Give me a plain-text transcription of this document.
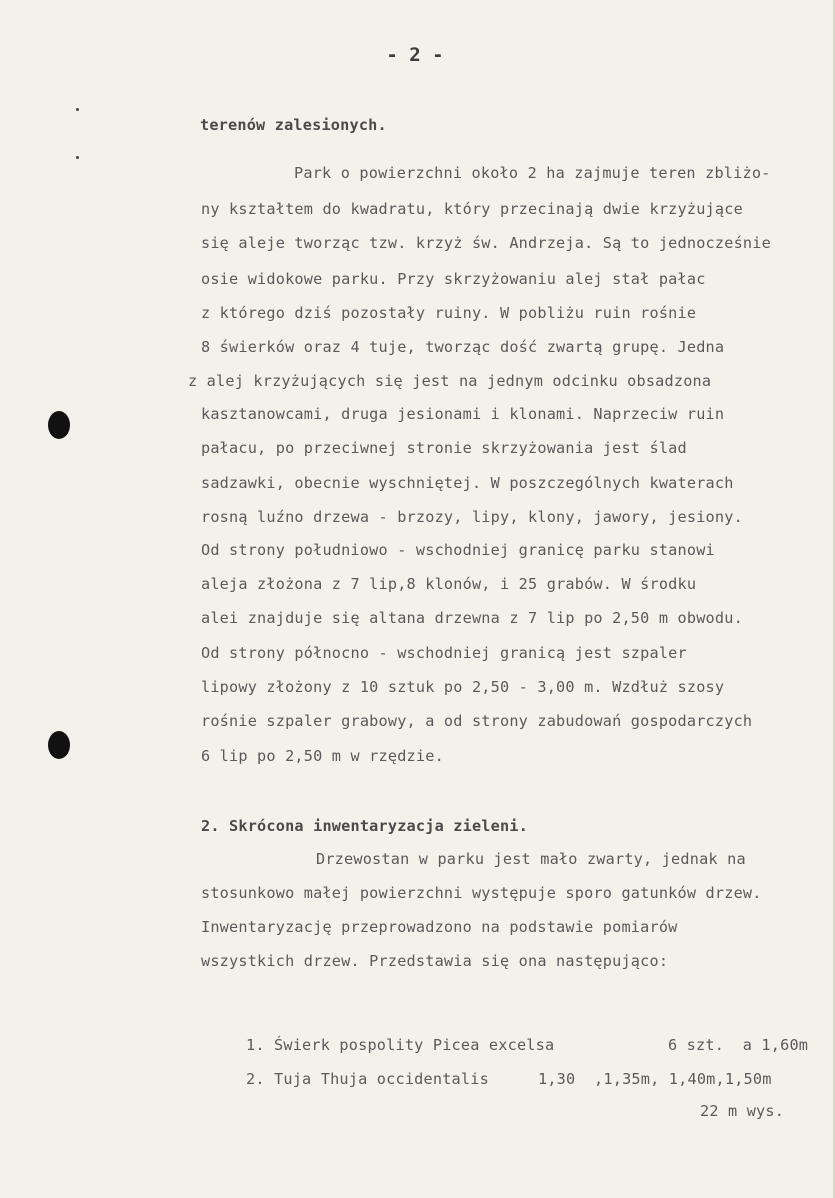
- 2 -
terenów zalesionych.
Park o powierzchni około 2 ha zajmuje teren zbliżo-
ny kształtem do kwadratu, który przecinają dwie krzyżujące
się aleje tworząc tzw. krzyż św. Andrzeja. Są to jednocześnie
osie widokowe parku. Przy skrzyżowaniu alej stał pałac
z którego dziś pozostały ruiny. W pobliżu ruin rośnie
8 świerków oraz 4 tuje, tworząc dość zwartą grupę. Jedna
z alej krzyżujących się jest na jednym odcinku obsadzona
kasztanowcami, druga jesionami i klonami. Naprzeciw ruin
pałacu, po przeciwnej stronie skrzyżowania jest ślad
sadzawki, obecnie wyschniętej. W poszczególnych kwaterach
rosną luźno drzewa - brzozy, lipy, klony, jawory, jesiony.
Od strony południowo - wschodniej granicę parku stanowi
aleja złożona z 7 lip,8 klonów, i 25 grabów. W środku
alei znajduje się altana drzewna z 7 lip po 2,50 m obwodu.
Od strony północno - wschodniej granicą jest szpaler
lipowy złożony z 10 sztuk po 2,50 - 3,00 m. Wzdłuż szosy
rośnie szpaler grabowy, a od strony zabudowań gospodarczych
6 lip po 2,50 m w rzędzie.
2. Skrócona inwentaryzacja zieleni.
Drzewostan w parku jest mało zwarty, jednak na
stosunkowo małej powierzchni występuje sporo gatunków drzew.
Inwentaryzację przeprowadzono na podstawie pomiarów
wszystkich drzew. Przedstawia się ona następująco:
1. Świerk pospolity Picea excelsa	6 szt.  a 1,60m
2. Tuja Thuja occidentalis	1,30  ,1,35m, 1,40m,1,50m
22 m wys.
